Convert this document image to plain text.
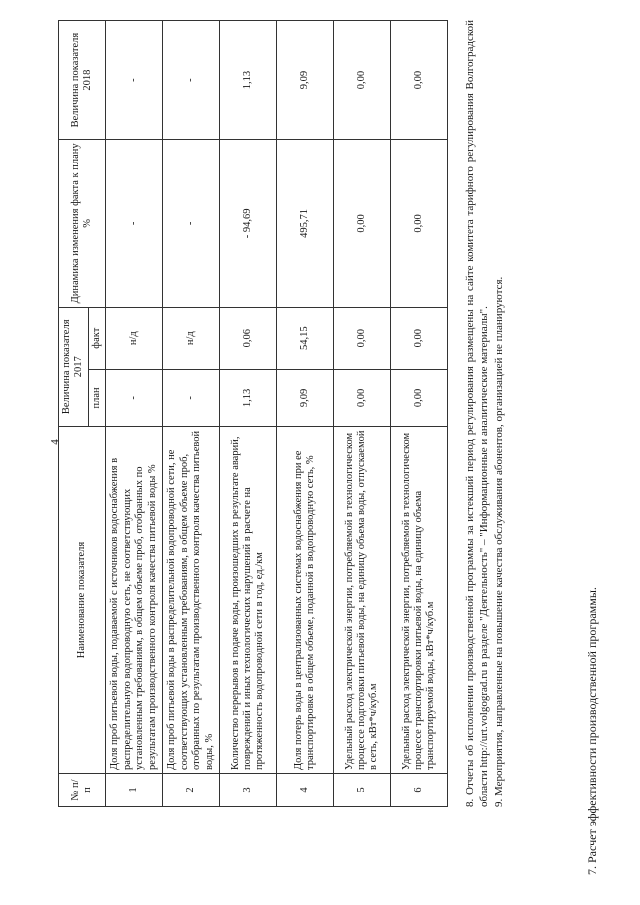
4
7. Расчет эффективности производственной программы.
№ п/п	Наименование показателя	Величина показателя 2017		Динамика изменения факта к плану %	Величина показателя 2018
		план	факт		
1	Доля проб питьевой воды, подаваемой с источников водоснабжения в распределительную водопроводную сеть, не соответствующих установленным требованиям, в общем объеме проб, отобранных по результатам производственного контроля качества питьевой воды %	-	н/д	-	-
2	Доля проб питьевой воды в распределительной водопроводной сети, не соответствующих установленным требованиям, в общем объеме проб, отобранных по результатам производственного контроля качества питьевой воды, %	-	н/д	-	-
3	Количество перерывов в подаче воды, произошедших в результате аварий, повреждений и иных технологических нарушений в расчете на протяженность водопроводной сети в год, ед./км	1,13	0,06	- 94,69	1,13
4	Доля потерь воды в централизованных системах водоснабжения при ее транспортировке в общем объеме, поданной в водопроводную сеть, %	9,09	54,15	495,71	9,09
5	Удельный расход электрической энергии, потребляемой в технологическом процессе подготовки питьевой воды, на единицу объема воды, отпускаемой в сеть, кВт*ч/куб.м	0,00	0,00	0,00	0,00
6	Удельный расход электрической энергии, потребляемой в технологическом процессе транспортировки питьевой воды, на единицу объема транспортируемой воды, кВт*ч/куб.м	0,00	0,00	0,00	0,00	8. Отчеты об исполнении производственной программы за истекший период регулирования размещены на сайте комитета тарифного регулирования Волгоградской области http://urt.volgograd.ru в разделе "Деятельность" – "Информационные и аналитические материалы". 9. Мероприятия, направленные на повышение качества обслуживания абонентов, организацией не планируются.
